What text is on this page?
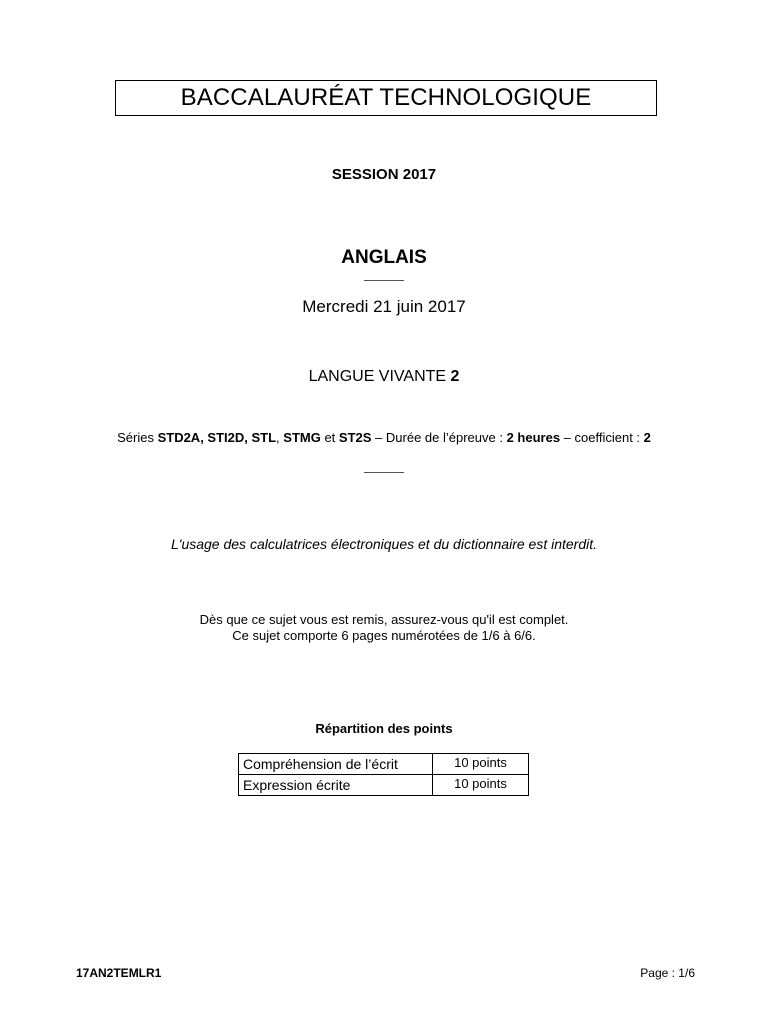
BACCALAURÉAT TECHNOLOGIQUE
SESSION 2017
ANGLAIS
Mercredi 21 juin 2017
LANGUE VIVANTE 2
Séries STD2A, STI2D, STL, STMG et ST2S – Durée de l’épreuve : 2 heures – coefficient : 2
L'usage des calculatrices électroniques et du dictionnaire est interdit.
Dès que ce sujet vous est remis, assurez-vous qu'il est complet.
Ce sujet comporte 6 pages numérotées de 1/6 à 6/6.
Répartition des points
Compréhension de l’écrit	10 points
Expression écrite	10 points
17AN2TEMLR1	Page : 1/6
